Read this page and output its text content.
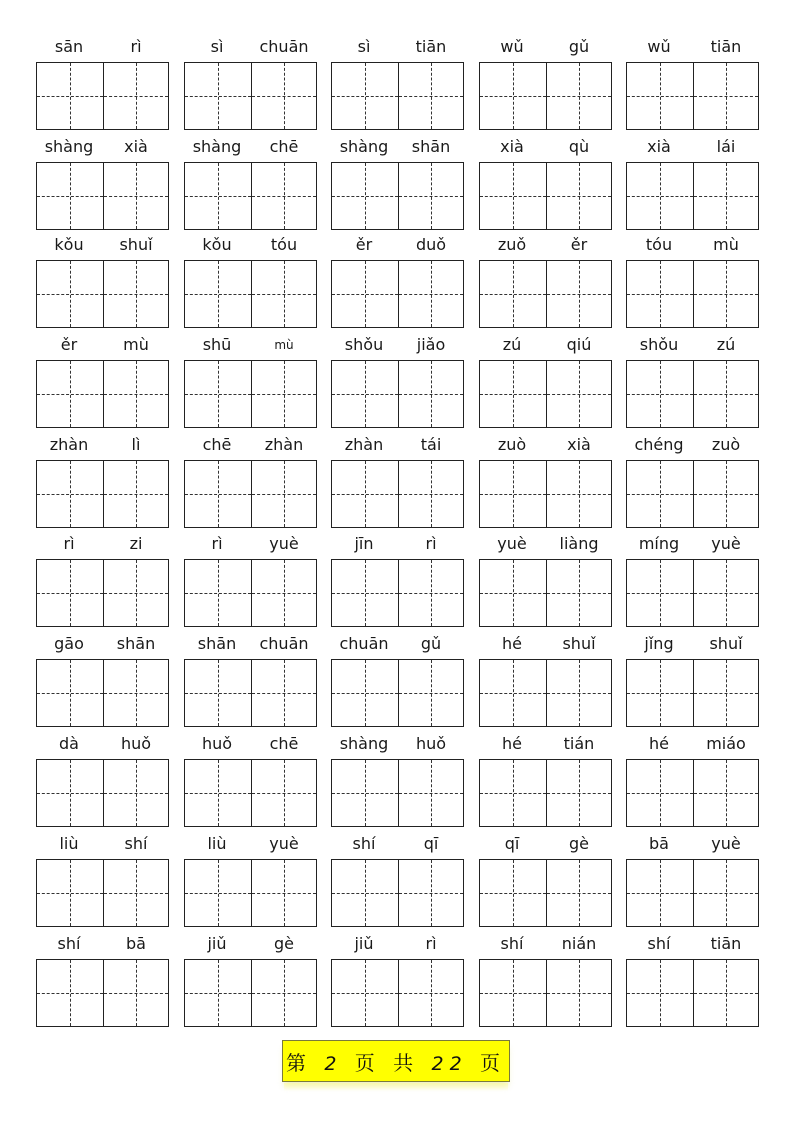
sān	rì	sì	chuān	sì	tiān	wǔ	gǔ	wǔ	tiān
shàng	xià	shàng	chē	shàng	shān	xià	qù	xià	lái
kǒu	shuǐ	kǒu	tóu	ěr	duǒ	zuǒ	ěr	tóu	mù
ěr	mù	shū	mù	shǒu	jiǎo	zú	qiú	shǒu	zú
zhàn	lì	chē	zhàn	zhàn	tái	zuò	xià	chéng	zuò
rì	zi	rì	yuè	jīn	rì	yuè	liàng	míng	yuè
gāo	shān	shān	chuān	chuān	gǔ	hé	shuǐ	jǐng	shuǐ
dà	huǒ	huǒ	chē	shàng	huǒ	hé	tián	hé	miáo
liù	shí	liù	yuè	shí	qī	qī	gè	bā	yuè
shí	bā	jiǔ	gè	jiǔ	rì	shí	nián	shí	tiān
第 2 页 共 22 页
